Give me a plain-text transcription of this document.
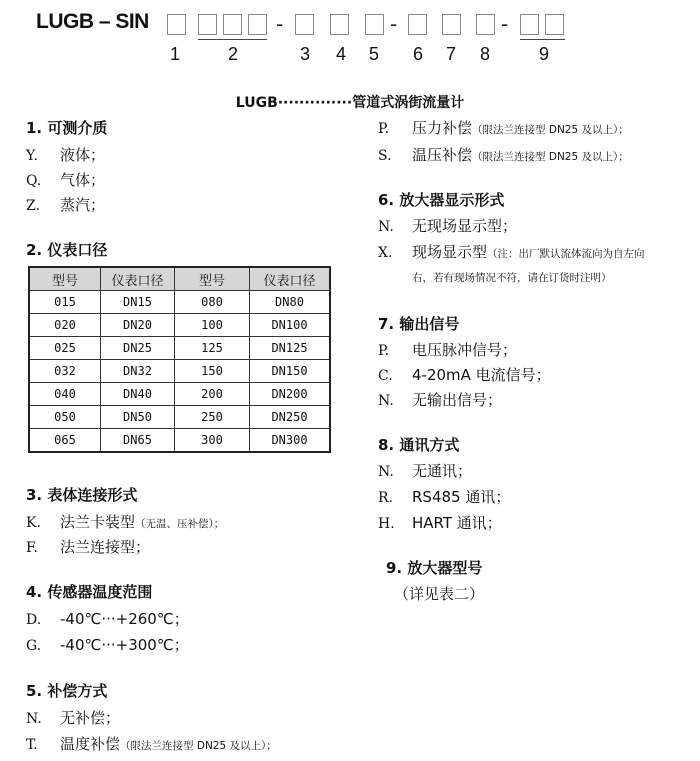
LUGB – SIN	-	-	-
1	2	3 4 5 6 7 8	9
LUGB··············管道式涡街流量计
1. 可测介质
Y. 液体；
Q. 气体；
Z. 蒸汽；
2. 仪表口径
型号	仪表口径	型号	仪表口径
015	DN15	080	DN80
020	DN20	100	DN100
025	DN25	125	DN125
032	DN32	150	DN150
040	DN40	200	DN200
050	DN50	250	DN250
065	DN65	300	DN300
3. 表体连接形式
K. 法兰卡装型（无温、压补偿）；
F. 法兰连接型；
4. 传感器温度范围
D. -40℃···+260℃；
G. -40℃···+300℃；
5. 补偿方式
N. 无补偿；
T. 温度补偿（限法兰连接型 DN25 及以上）；
P. 压力补偿（限法兰连接型 DN25 及以上）；
S. 温压补偿（限法兰连接型 DN25 及以上）；
6. 放大器显示形式
N. 无现场显示型；
X. 现场显示型（注：出厂默认流体流向为自左向
右，若有现场情况不符，请在订货时注明）
7. 输出信号
P. 电压脉冲信号；
C. 4-20mA 电流信号；
N. 无输出信号；
8. 通讯方式
N. 无通讯；
R. RS485 通讯；
H. HART 通讯；
9. 放大器型号
（详见表二）
